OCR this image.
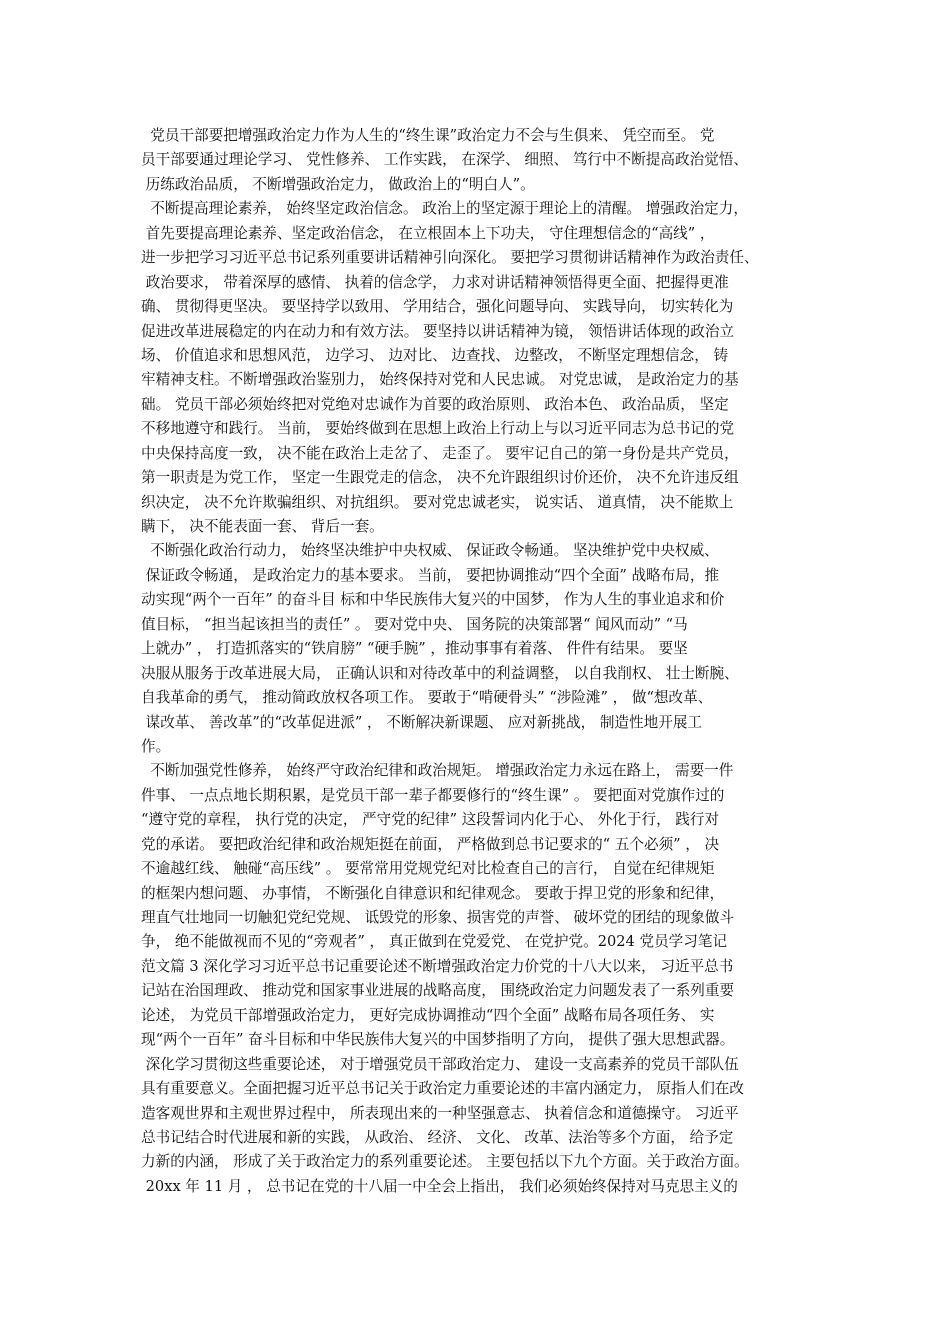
党员干部要把增强政治定力作为人生的“终生课”政治定力不会与生俱来、 凭空而至。 党
员干部要通过理论学习、 党性修养、 工作实践， 在深学、 细照、 笃行中不断提高政治觉悟、
历练政治品质， 不断增强政治定力， 做政治上的“明白人”。
不断提高理论素养， 始终坚定政治信念。 政治上的坚定源于理论上的清醒。 增强政治定力，
首先要提高理论素养、坚定政治信念， 在立根固本上下功夫， 守住理想信念的“高线” ，
进一步把学习习近平总书记系列重要讲话精神引向深化。 要把学习贯彻讲话精神作为政治责任、
政治要求， 带着深厚的感情、 执着的信念学， 力求对讲话精神领悟得更全面、把握得更准
确、 贯彻得更坚决。 要坚持学以致用、 学用结合，强化问题导向、 实践导向， 切实转化为
促进改革进展稳定的内在动力和有效方法。 要坚持以讲话精神为镜， 领悟讲话体现的政治立
场、 价值追求和思想风范， 边学习、 边对比、 边查找、 边整改， 不断坚定理想信念， 铸
牢精神支柱。不断增强政治鉴别力， 始终保持对党和人民忠诚。 对党忠诚， 是政治定力的基
础。 党员干部必须始终把对党绝对忠诚作为首要的政治原则、 政治本色、 政治品质， 坚定
不移地遵守和践行。 当前， 要始终做到在思想上政治上行动上与以习近平同志为总书记的党
中央保持高度一致， 决不能在政治上走岔了、 走歪了。 要牢记自己的第一身份是共产党员，
第一职责是为党工作， 坚定一生跟党走的信念， 决不允许跟组织讨价还价， 决不允许违反组
织决定， 决不允许欺骗组织、对抗组织。 要对党忠诚老实， 说实话、 道真情， 决不能欺上
瞒下， 决不能表面一套、 背后一套。
不断强化政治行动力， 始终坚决维护中央权威、 保证政令畅通。 坚决维护党中央权威、
保证政令畅通， 是政治定力的基本要求。 当前， 要把协调推动“四个全面” 战略布局，推
动实现“两个一百年” 的奋斗目 标和中华民族伟大复兴的中国梦， 作为人生的事业追求和价
值目标， “担当起该担当的责任” 。 要对党中央、 国务院的决策部署“ 闻风而动” “马
上就办” ， 打造抓落实的“铁肩膀” “硬手腕” ，推动事事有着落、 件件有结果。 要坚
决服从服务于改革进展大局， 正确认识和对待改革中的利益调整， 以自我削权、 壮士断腕、
自我革命的勇气， 推动简政放权各项工作。 要敢于“啃硬骨头” “涉险滩” ， 做“想改革、
谋改革、 善改革”的“改革促进派” ， 不断解决新课题、 应对新挑战， 制造性地开展工
作。
不断加强党性修养， 始终严守政治纪律和政治规矩。 增强政治定力永远在路上， 需要一件
件事、 一点点地长期积累，是党员干部一辈子都要修行的“终生课” 。 要把面对党旗作过的
“遵守党的章程， 执行党的决定， 严守党的纪律” 这段誓词内化于心、 外化于行， 践行对
党的承诺。 要把政治纪律和政治规矩挺在前面， 严格做到总书记要求的“ 五个必须” ， 决
不逾越红线、 触碰“高压线” 。 要常常用党规党纪对比检查自己的言行， 自觉在纪律规矩
的框架内想问题、 办事情， 不断强化自律意识和纪律观念。 要敢于捍卫党的形象和纪律，
理直气壮地同一切触犯党纪党规、 诋毁党的形象、损害党的声誉、 破坏党的团结的现象做斗
争， 绝不能做视而不见的“旁观者” ， 真正做到在党爱党、 在党护党。2024 党员学习笔记
范文篇 3 深化学习习近平总书记重要论述不断增强政治定力价党的十八大以来， 习近平总书
记站在治国理政、 推动党和国家事业进展的战略高度， 围绕政治定力问题发表了一系列重要
论述， 为党员干部增强政治定力， 更好完成协调推动“四个全面” 战略布局各项任务、 实
现“两个一百年” 奋斗目标和中华民族伟大复兴的中国梦指明了方向， 提供了强大思想武器。
深化学习贯彻这些重要论述， 对于增强党员干部政治定力、 建设一支高素养的党员干部队伍
具有重要意义。全面把握习近平总书记关于政治定力重要论述的丰富内涵定力， 原指人们在改
造客观世界和主观世界过程中， 所表现出来的一种坚强意志、 执着信念和道德操守。 习近平
总书记结合时代进展和新的实践， 从政治、 经济、 文化、 改革、法治等多个方面， 给予定
力新的内涵， 形成了关于政治定力的系列重要论述。 主要包括以下九个方面。关于政治方面。
20xx 年 11 月 ， 总书记在党的十八届一中全会上指出， 我们必须始终保持对马克思主义的
